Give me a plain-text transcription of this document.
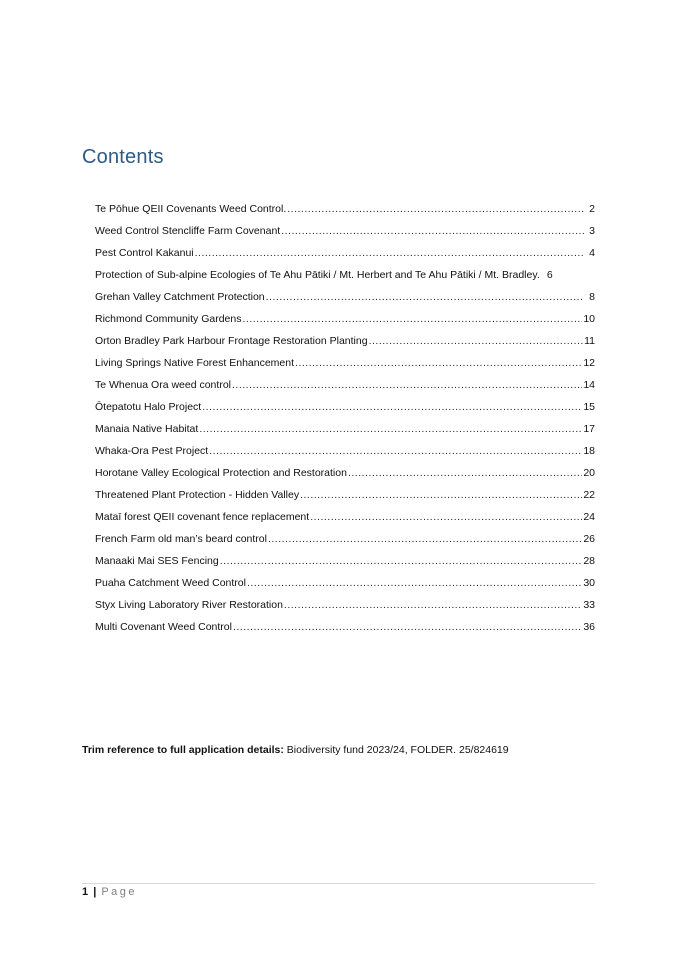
Contents
Te Pōhue QEII Covenants Weed Control. .....	2
Weed Control Stencliffe Farm Covenant .....	3
Pest Control Kakanui .....	4
Protection of Sub-alpine Ecologies of Te Ahu Pātiki / Mt. Herbert and Te Ahu Pātiki / Mt. Bradley. 6
Grehan Valley Catchment Protection .....	8
Richmond Community Gardens .....	10
Orton Bradley Park Harbour Frontage Restoration Planting .....	11
Living Springs Native Forest Enhancement .....	12
Te Whenua Ora weed control .....	14
Ōtepatotu Halo Project .....	15
Manaia Native Habitat .....	17
Whaka-Ora Pest Project .....	18
Horotane Valley Ecological Protection and Restoration .....	20
Threatened Plant Protection - Hidden Valley .....	22
Mataī forest QEII covenant fence replacement .....	24
French Farm old man’s beard control .....	26
Manaaki Mai SES Fencing .....	28
Puaha Catchment Weed Control .....	30
Styx Living Laboratory River Restoration .....	33
Multi Covenant Weed Control .....	36
Trim reference to full application details: Biodiversity fund 2023/24, FOLDER. 25/824619
1 | Page
